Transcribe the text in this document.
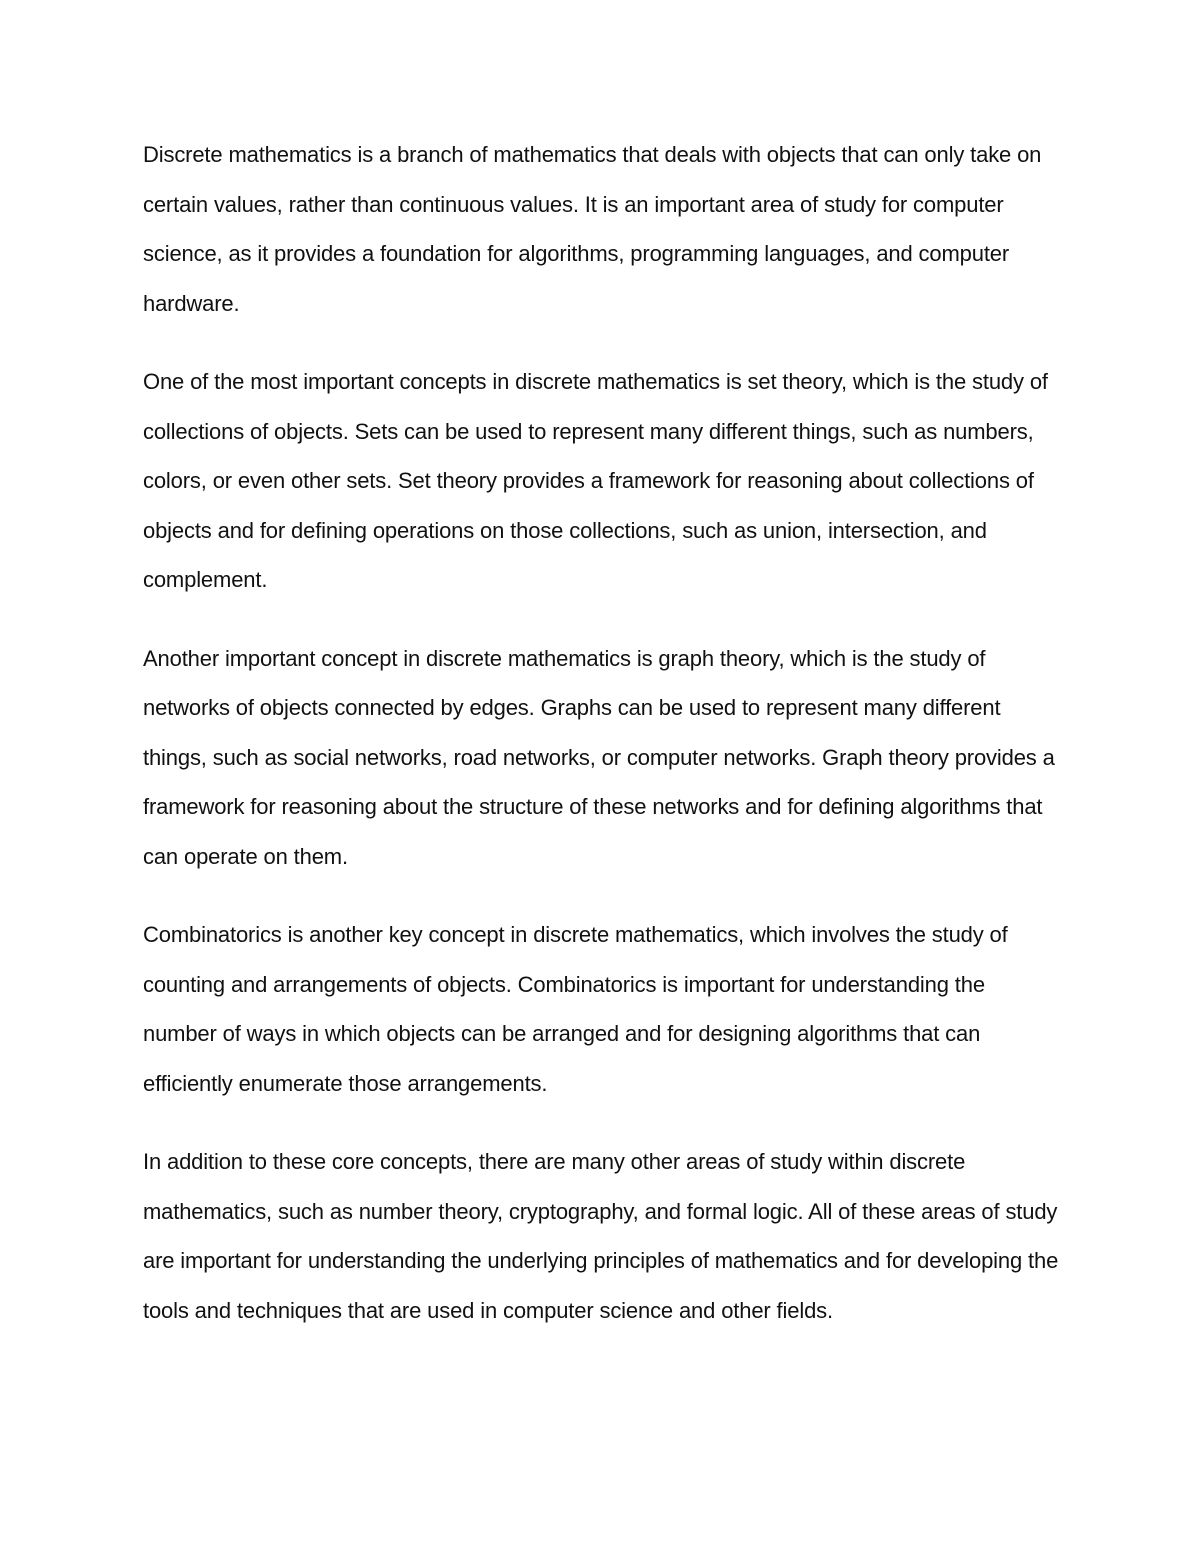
Discrete mathematics is a branch of mathematics that deals with objects that can only take on certain values, rather than continuous values. It is an important area of study for computer science, as it provides a foundation for algorithms, programming languages, and computer hardware.

One of the most important concepts in discrete mathematics is set theory, which is the study of collections of objects. Sets can be used to represent many different things, such as numbers, colors, or even other sets. Set theory provides a framework for reasoning about collections of objects and for defining operations on those collections, such as union, intersection, and complement.

Another important concept in discrete mathematics is graph theory, which is the study of networks of objects connected by edges. Graphs can be used to represent many different things, such as social networks, road networks, or computer networks. Graph theory provides a framework for reasoning about the structure of these networks and for defining algorithms that can operate on them.

Combinatorics is another key concept in discrete mathematics, which involves the study of counting and arrangements of objects. Combinatorics is important for understanding the number of ways in which objects can be arranged and for designing algorithms that can efficiently enumerate those arrangements.

In addition to these core concepts, there are many other areas of study within discrete mathematics, such as number theory, cryptography, and formal logic. All of these areas of study are important for understanding the underlying principles of mathematics and for developing the tools and techniques that are used in computer science and other fields.
